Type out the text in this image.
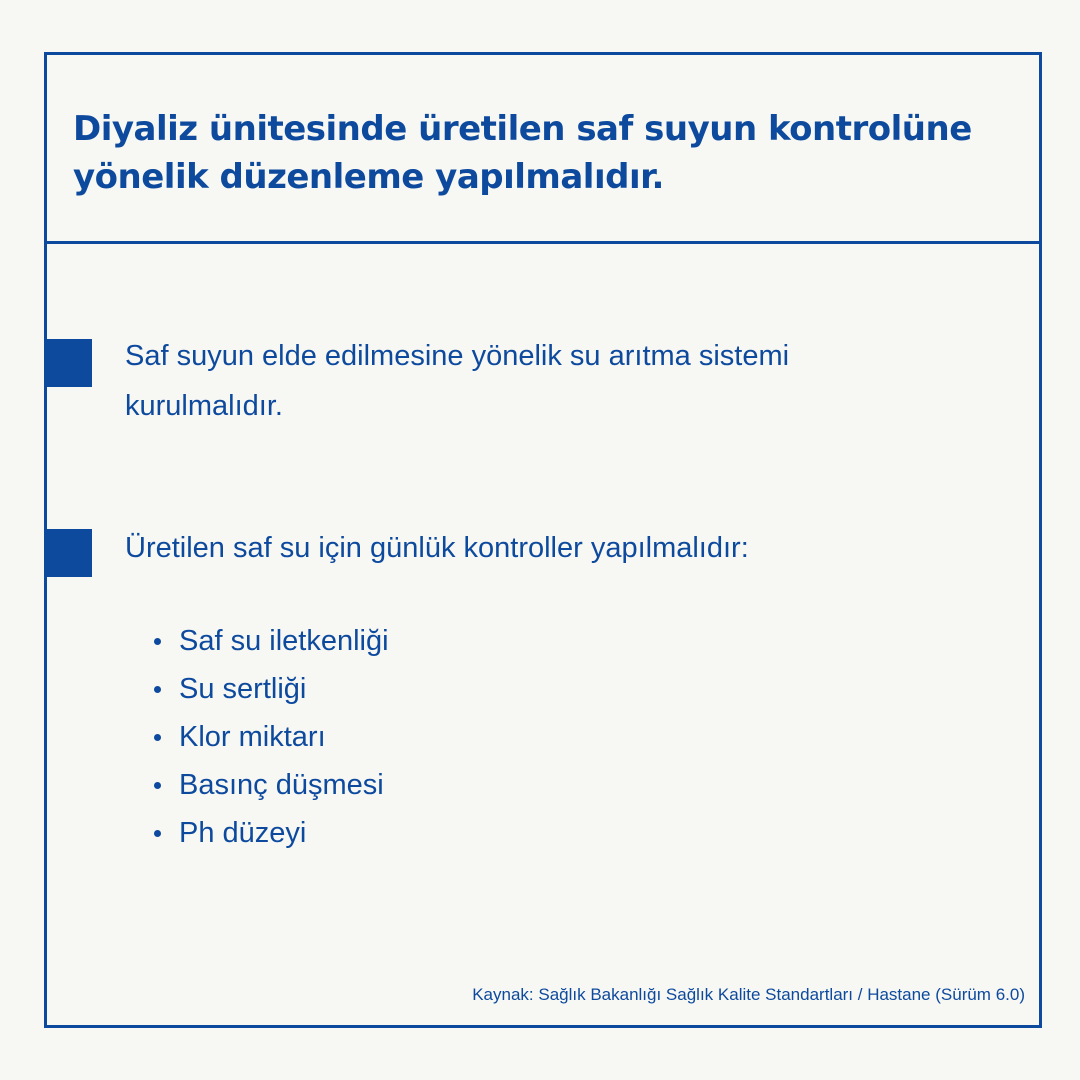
Diyaliz ünitesinde üretilen saf suyun kontrolüne yönelik düzenleme yapılmalıdır.

Saf suyun elde edilmesine yönelik su arıtma sistemi kurulmalıdır.

Üretilen saf su için günlük kontroller yapılmalıdır:

Saf su iletkenliği
Su sertliği
Klor miktarı
Basınç düşmesi
Ph düzeyi

Kaynak: Sağlık Bakanlığı Sağlık Kalite Standartları / Hastane (Sürüm 6.0)
